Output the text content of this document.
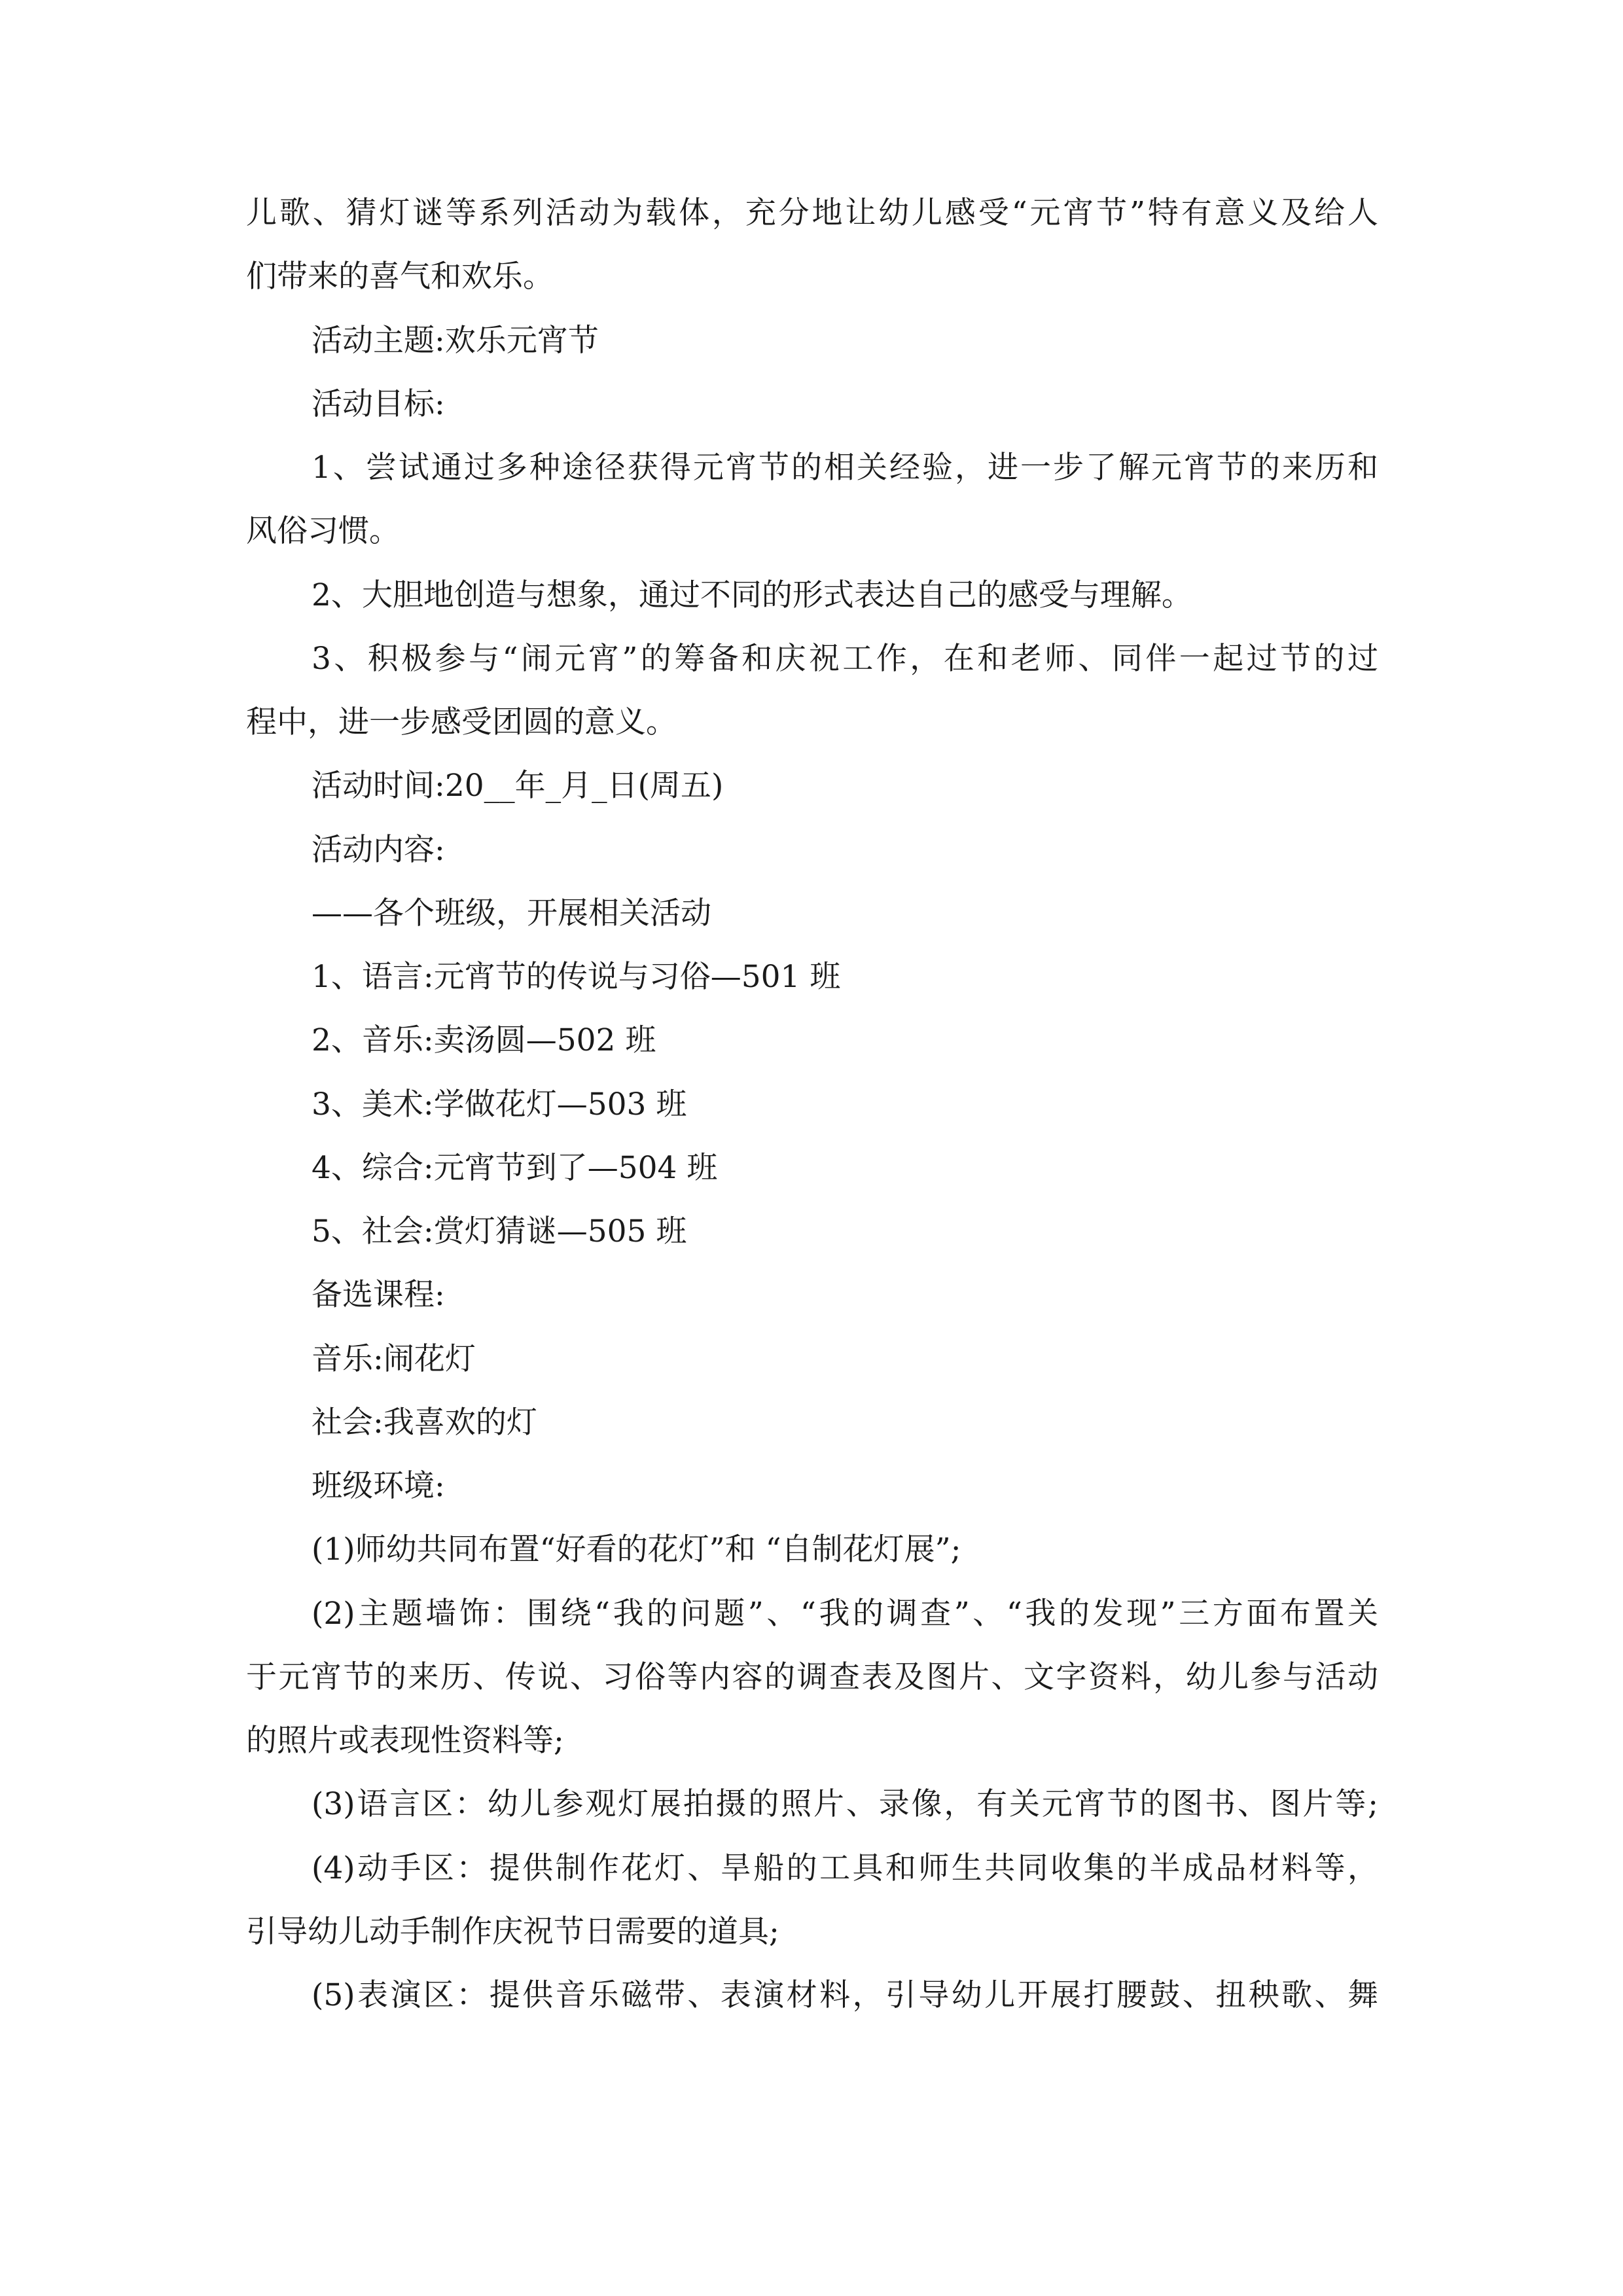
儿歌、猜灯谜等系列活动为载体，充分地让幼儿感受“元宵节”特有意义及给人
们带来的喜气和欢乐。
活动主题:欢乐元宵节
活动目标:
1、尝试通过多种途径获得元宵节的相关经验，进一步了解元宵节的来历和
风俗习惯。
2、大胆地创造与想象，通过不同的形式表达自己的感受与理解。
3、积极参与“闹元宵”的筹备和庆祝工作，在和老师、同伴一起过节的过
程中，进一步感受团圆的意义。
活动时间:20__年_月_日(周五)
活动内容:
——各个班级，开展相关活动
1、语言:元宵节的传说与习俗—501 班
2、音乐:卖汤圆—502 班
3、美术:学做花灯—503 班
4、综合:元宵节到了—504 班
5、社会:赏灯猜谜—505 班
备选课程:
音乐:闹花灯
社会:我喜欢的灯
班级环境:
(1)师幼共同布置“好看的花灯”和 “自制花灯展”;
(2)主题墙饰：围绕“我的问题”、“我的调查”、“我的发现”三方面布置关
于元宵节的来历、传说、习俗等内容的调查表及图片、文字资料，幼儿参与活动
的照片或表现性资料等;
(3)语言区：幼儿参观灯展拍摄的照片、录像，有关元宵节的图书、图片等;
(4)动手区：提供制作花灯、旱船的工具和师生共同收集的半成品材料等，
引导幼儿动手制作庆祝节日需要的道具;
(5)表演区：提供音乐磁带、表演材料，引导幼儿开展打腰鼓、扭秧歌、舞
